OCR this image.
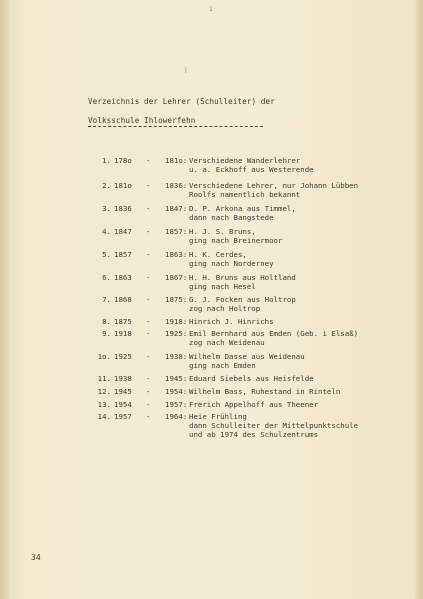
1
/
Verzeichnis der Lehrer (Schulleiter) der
Volksschule Ihlowerfehn
1. 178o - 181o: Verschiedene Wanderlehrer
u. a. Eckhoff aus Westerende
2. 181o - 1836: Verschiedene Lehrer, nur Johann Lübben
Roolfs namentlich bekannt
3. 1836 - 1847: D. P. Arkona aus Timmel,
dann nach Bangstede
4. 1847 - 1857: H. J. S. Bruns,
ging nach Breinermoor
5. 1857 - 1863: H. K. Cerdes,
ging nach Norderney
6. 1863 - 1867: H. H. Bruns aus Holtland
ging nach Hesel
7. 1868 - 1875: G. J. Focken aus Holtrop
zog nach Holtrop
8. 1875 - 1918: Hinrich J. Hinrichs
9. 1918 - 1925: Emil Bernhard aus Emden (Geb. i Elsaß)
zog nach Weidenau
1o. 1925 - 1938: Wilhelm Dasse aus Weidenau
ging nach Emden
11. 1938 - 1945: Eduard Siebels aus Heisfelde
12. 1945 - 1954: Wilhelm Bass, Ruhestand in Rinteln
13. 1954 - 1957: Frerich Appelhoff aus Theener
14. 1957 - 1964: Heie Frühling
dann Schulleiter der Mittelpunktschule
und ab 1974 des Schulzentrums
34
